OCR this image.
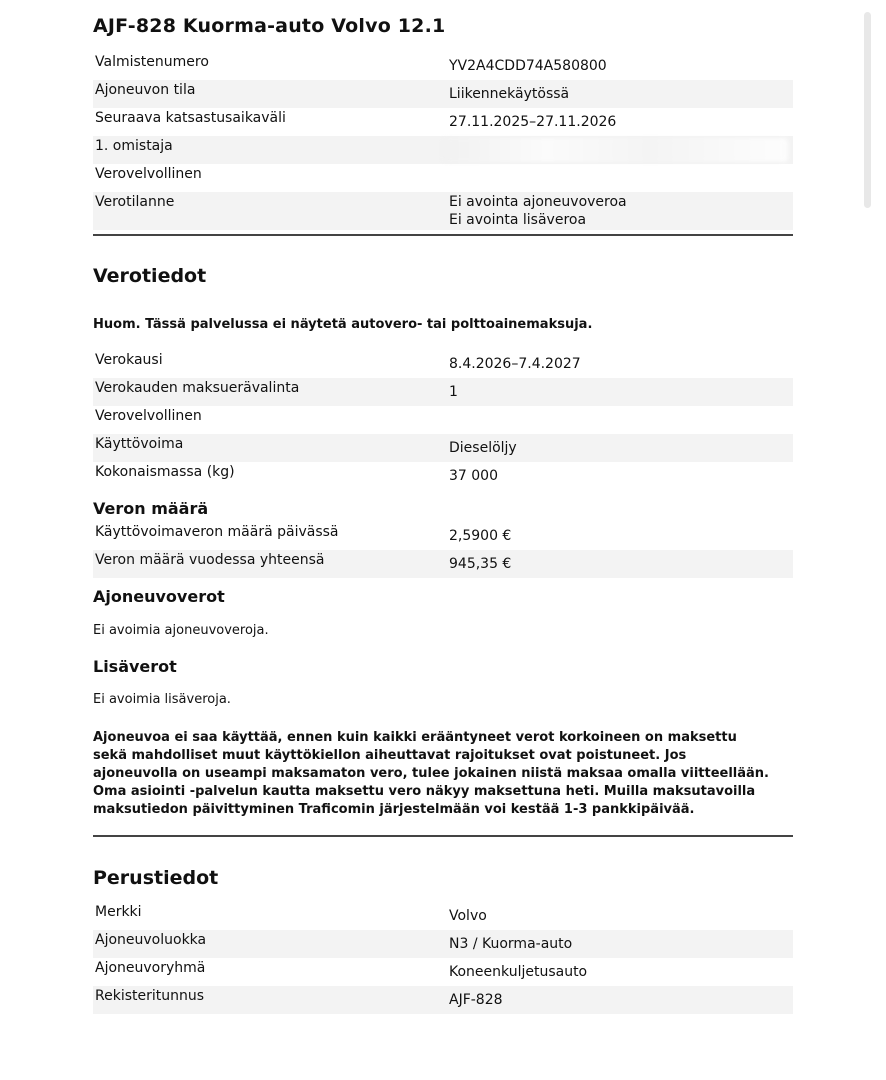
AJF-828 Kuorma-auto Volvo 12.1
Valmistenumero	YV2A4CDD74A580800
Ajoneuvon tila	Liikennekäytössä
Seuraava katsastusaikaväli	27.11.2025–27.11.2026
1. omistaja
Verovelvollinen
Verotilanne	Ei avointa ajoneuvoveroa
Ei avointa lisäveroa
Verotiedot
Huom. Tässä palvelussa ei näytetä autovero- tai polttoainemaksuja.
Verokausi	8.4.2026–7.4.2027
Verokauden maksuerävalinta	1
Verovelvollinen
Käyttövoima	Dieselöljy
Kokonaismassa (kg)	37 000
Veron määrä
Käyttövoimaveron määrä päivässä	2,5900 €
Veron määrä vuodessa yhteensä	945,35 €
Ajoneuvoverot
Ei avoimia ajoneuvoveroja.
Lisäverot
Ei avoimia lisäveroja.
Ajoneuvoa ei saa käyttää, ennen kuin kaikki erääntyneet verot korkoineen on maksettu
sekä mahdolliset muut käyttökiellon aiheuttavat rajoitukset ovat poistuneet. Jos
ajoneuvolla on useampi maksamaton vero, tulee jokainen niistä maksaa omalla viitteellään.
Oma asiointi -palvelun kautta maksettu vero näkyy maksettuna heti. Muilla maksutavoilla
maksutiedon päivittyminen Traficomin järjestelmään voi kestää 1-3 pankkipäivää.
Perustiedot
Merkki	Volvo
Ajoneuvoluokka	N3 / Kuorma-auto
Ajoneuvoryhmä	Koneenkuljetusauto
Rekisteritunnus	AJF-828
